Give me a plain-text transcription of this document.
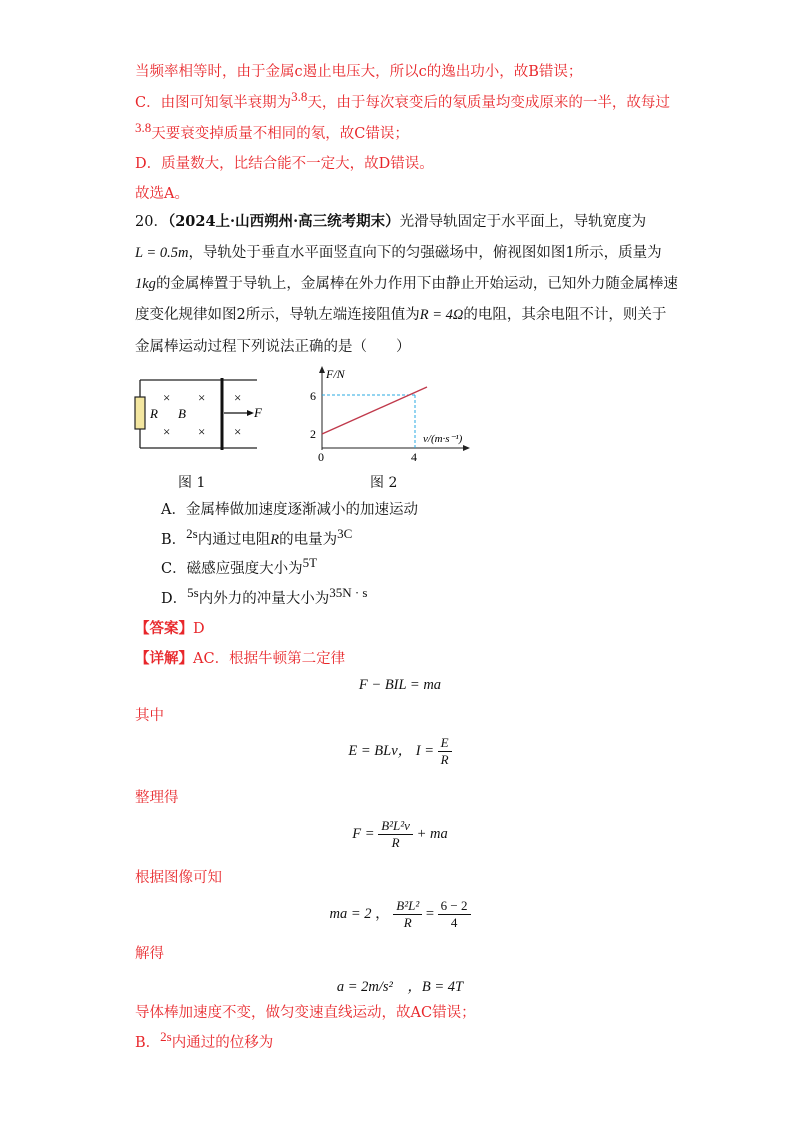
当频率相等时，由于金属c遏止电压大，所以c的逸出功小，故B错误；
C．由图可知氡半衰期为3.8天，由于每次衰变后的氡质量均变成原来的一半，故每过
3.8天要衰变掉质量不相同的氡，故C错误；
D．质量数大，比结合能不一定大，故D错误。
故选A。
20．（2024上·山西朔州·高三统考期末）光滑导轨固定于水平面上，导轨宽度为
L = 0.5m，导轨处于垂直水平面竖直向下的匀强磁场中，俯视图如图1所示，质量为
1kg的金属棒置于导轨上，金属棒在外力作用下由静止开始运动，已知外力随金属棒速
度变化规律如图2所示，导轨左端连接阻值为R = 4Ω的电阻，其余电阻不计，则关于
金属棒运动过程下列说法正确的是（　　）
R B
× ×
× ×
×
×
F
图 1
F/N
v/(m·s⁻¹)
6
2
0	4
图 2
A．金属棒做加速度逐渐减小的加速运动
B．2s内通过电阻R的电量为3C
C．磁感应强度大小为5T
D．5s内外力的冲量大小为35N · s
【答案】D
【详解】AC．根据牛顿第二定律
F − BIL = ma
其中
E = BLv， $I = \frac{E}{R}$
整理得
$F = \frac{\text{B²L²v}}{R}$ + ma
根据图像可知
ma = 2 ， $\frac{\text{B²L²}}{R} = \frac{6 - 2}{4}$
解得
a = 2m/s²　，B = 4T
导体棒加速度不变，做匀变速直线运动，故AC错误；
B．2s内通过的位移为
